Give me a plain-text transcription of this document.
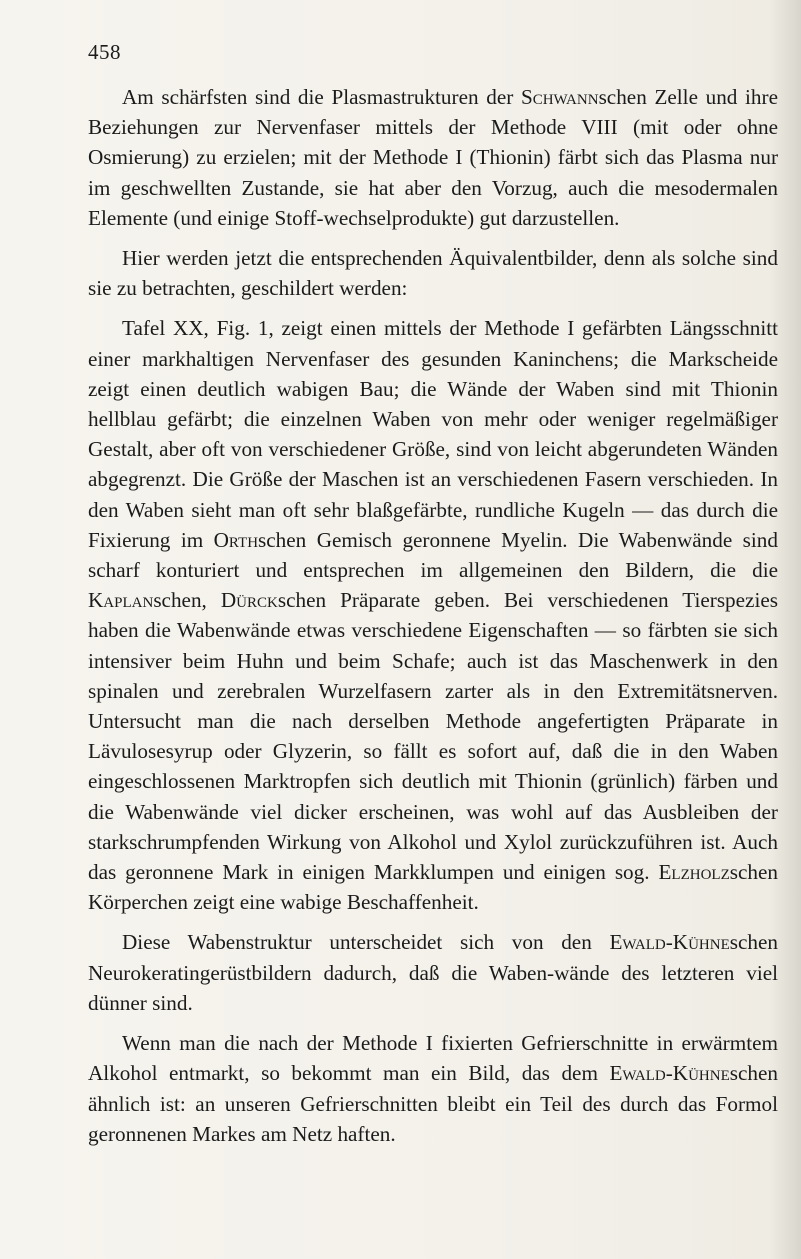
458

Am schärfsten sind die Plasmastrukturen der Schwannschen Zelle und ihre Beziehungen zur Nervenfaser mittels der Methode VIII (mit oder ohne Osmierung) zu erzielen; mit der Methode I (Thionin) färbt sich das Plasma nur im geschwellten Zustande, sie hat aber den Vorzug, auch die mesodermalen Elemente (und einige Stoff-wechselprodukte) gut darzustellen.

Hier werden jetzt die entsprechenden Äquivalentbilder, denn als solche sind sie zu betrachten, geschildert werden:

Tafel XX, Fig. 1, zeigt einen mittels der Methode I gefärbten Längsschnitt einer markhaltigen Nervenfaser des gesunden Kaninchens; die Markscheide zeigt einen deutlich wabigen Bau; die Wände der Waben sind mit Thionin hellblau gefärbt; die einzelnen Waben von mehr oder weniger regelmäßiger Gestalt, aber oft von verschiedener Größe, sind von leicht abgerundeten Wänden abgegrenzt. Die Größe der Maschen ist an verschiedenen Fasern verschieden. In den Waben sieht man oft sehr blaßgefärbte, rundliche Kugeln — das durch die Fixierung im Orthschen Gemisch geronnene Myelin. Die Wabenwände sind scharf konturiert und entsprechen im allgemeinen den Bildern, die die Kaplanschen, Dürckschen Präparate geben. Bei verschiedenen Tierspezies haben die Wabenwände etwas verschiedene Eigenschaften — so färbten sie sich intensiver beim Huhn und beim Schafe; auch ist das Maschenwerk in den spinalen und zerebralen Wurzelfasern zarter als in den Extremitätsnerven. Untersucht man die nach derselben Methode angefertigten Präparate in Lävulosesyrup oder Glyzerin, so fällt es sofort auf, daß die in den Waben eingeschlossenen Marktropfen sich deutlich mit Thionin (grünlich) färben und die Wabenwände viel dicker erscheinen, was wohl auf das Ausbleiben der starkschrumpfenden Wirkung von Alkohol und Xylol zurückzuführen ist. Auch das geronnene Mark in einigen Markklumpen und einigen sog. Elzholzschen Körperchen zeigt eine wabige Beschaffenheit.

Diese Wabenstruktur unterscheidet sich von den Ewald-Kühneschen Neurokeratingerüstbildern dadurch, daß die Waben-wände des letzteren viel dünner sind.

Wenn man die nach der Methode I fixierten Gefrierschnitte in erwärmtem Alkohol entmarkt, so bekommt man ein Bild, das dem Ewald-Kühneschen ähnlich ist: an unseren Gefrierschnitten bleibt ein Teil des durch das Formol geronnenen Markes am Netz haften.
